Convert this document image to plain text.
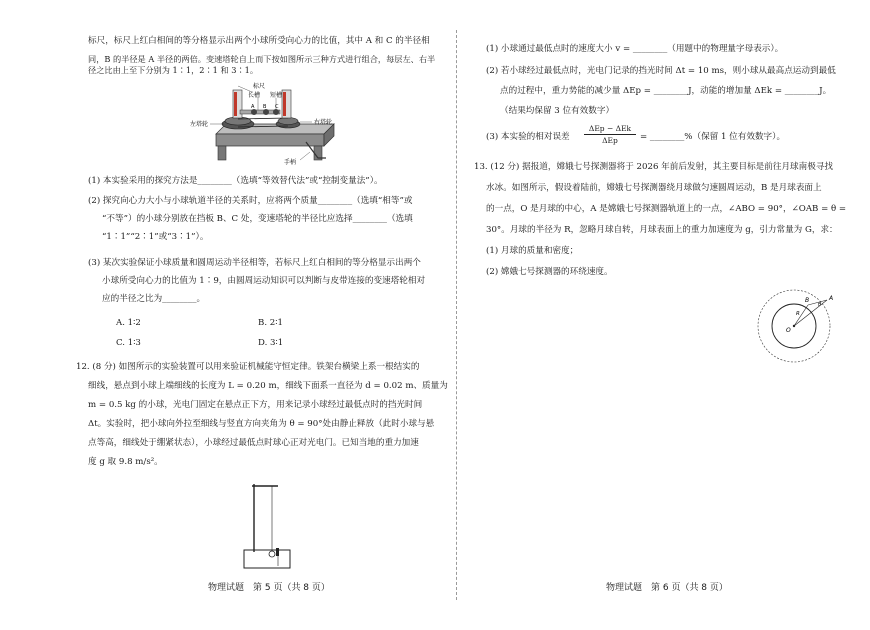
标尺，标尺上红白相间的等分格显示出两个小球所受向心力的比值，其中 A 和 C 的半径相
同，B 的半径是 A 半径的两倍。变速塔轮自上而下按如图所示三种方式进行组合，每层左、右半径之比由上至下分别为 1∶1，2∶1 和 3∶1。
标尺
长槽 短槽
左塔轮	右塔轮
手柄
A B C
(1) 本实验采用的探究方法是________（选填“等效替代法”或“控制变量法”）。
(2) 探究向心力大小与小球轨道半径的关系时，应将两个质量________（选填“相等”或
“不等”）的小球分别放在挡板 B、C 处，变速塔轮的半径比应选择________（选填
“1∶1”“2∶1”或“3∶1”）。
(3) 某次实验保证小球质量和圆周运动半径相等，若标尺上红白相间的等分格显示出两个
小球所受向心力的比值为 1∶9，由圆周运动知识可以判断与皮带连接的变速塔轮相对
应的半径之比为________。
A. 1∶2	B. 2∶1
C. 1∶3	D. 3∶1
12. (8 分) 如图所示的实验装置可以用来验证机械能守恒定律。铁架台横梁上系一根结实的
细线，悬点到小球上端细线的长度为 L = 0.20 m，细线下面系一直径为 d = 0.02 m、质量为
m = 0.5 kg 的小球，光电门固定在悬点正下方，用来记录小球经过最低点时的挡光时间
Δt。实验时，把小球向外拉至细线与竖直方向夹角为 θ = 90°处由静止释放（此时小球与悬
点等高，细线处于绷紧状态），小球经过最低点时球心正对光电门。已知当地的重力加速
度 g 取 9.8 m/s²。
物理试题　第 5 页（共 8 页）
(1) 小球通过最低点时的速度大小 v = ________（用题中的物理量字母表示）。
(2) 若小球经过最低点时，光电门记录的挡光时间 Δt = 10 ms，则小球从最高点运动到最低
点的过程中，重力势能的减少量 ΔEp = ________J，动能的增加量 ΔEk = ________J。
（结果均保留 3 位有效数字）
(3) 本实验的相对误差
ΔEp − ΔEk
ΔEp	= ________%（保留 1 位有效数字）。
13. (12 分) 据报道，嫦娥七号探测器将于 2026 年前后发射，其主要目标是前往月球南极寻找
水冰。如图所示，假设着陆前，嫦娥七号探测器绕月球做匀速圆周运动，B 是月球表面上
的一点，O 是月球的中心，A 是嫦娥七号探测器轨道上的一点，∠ABO = 90°，∠OAB = θ =
30°。月球的半径为 R，忽略月球自转，月球表面上的重力加速度为 g，引力常量为 G，求：
(1) 月球的质量和密度；
(2) 嫦娥七号探测器的环绕速度。
O
R
B	A
θ
物理试题　第 6 页（共 8 页）
